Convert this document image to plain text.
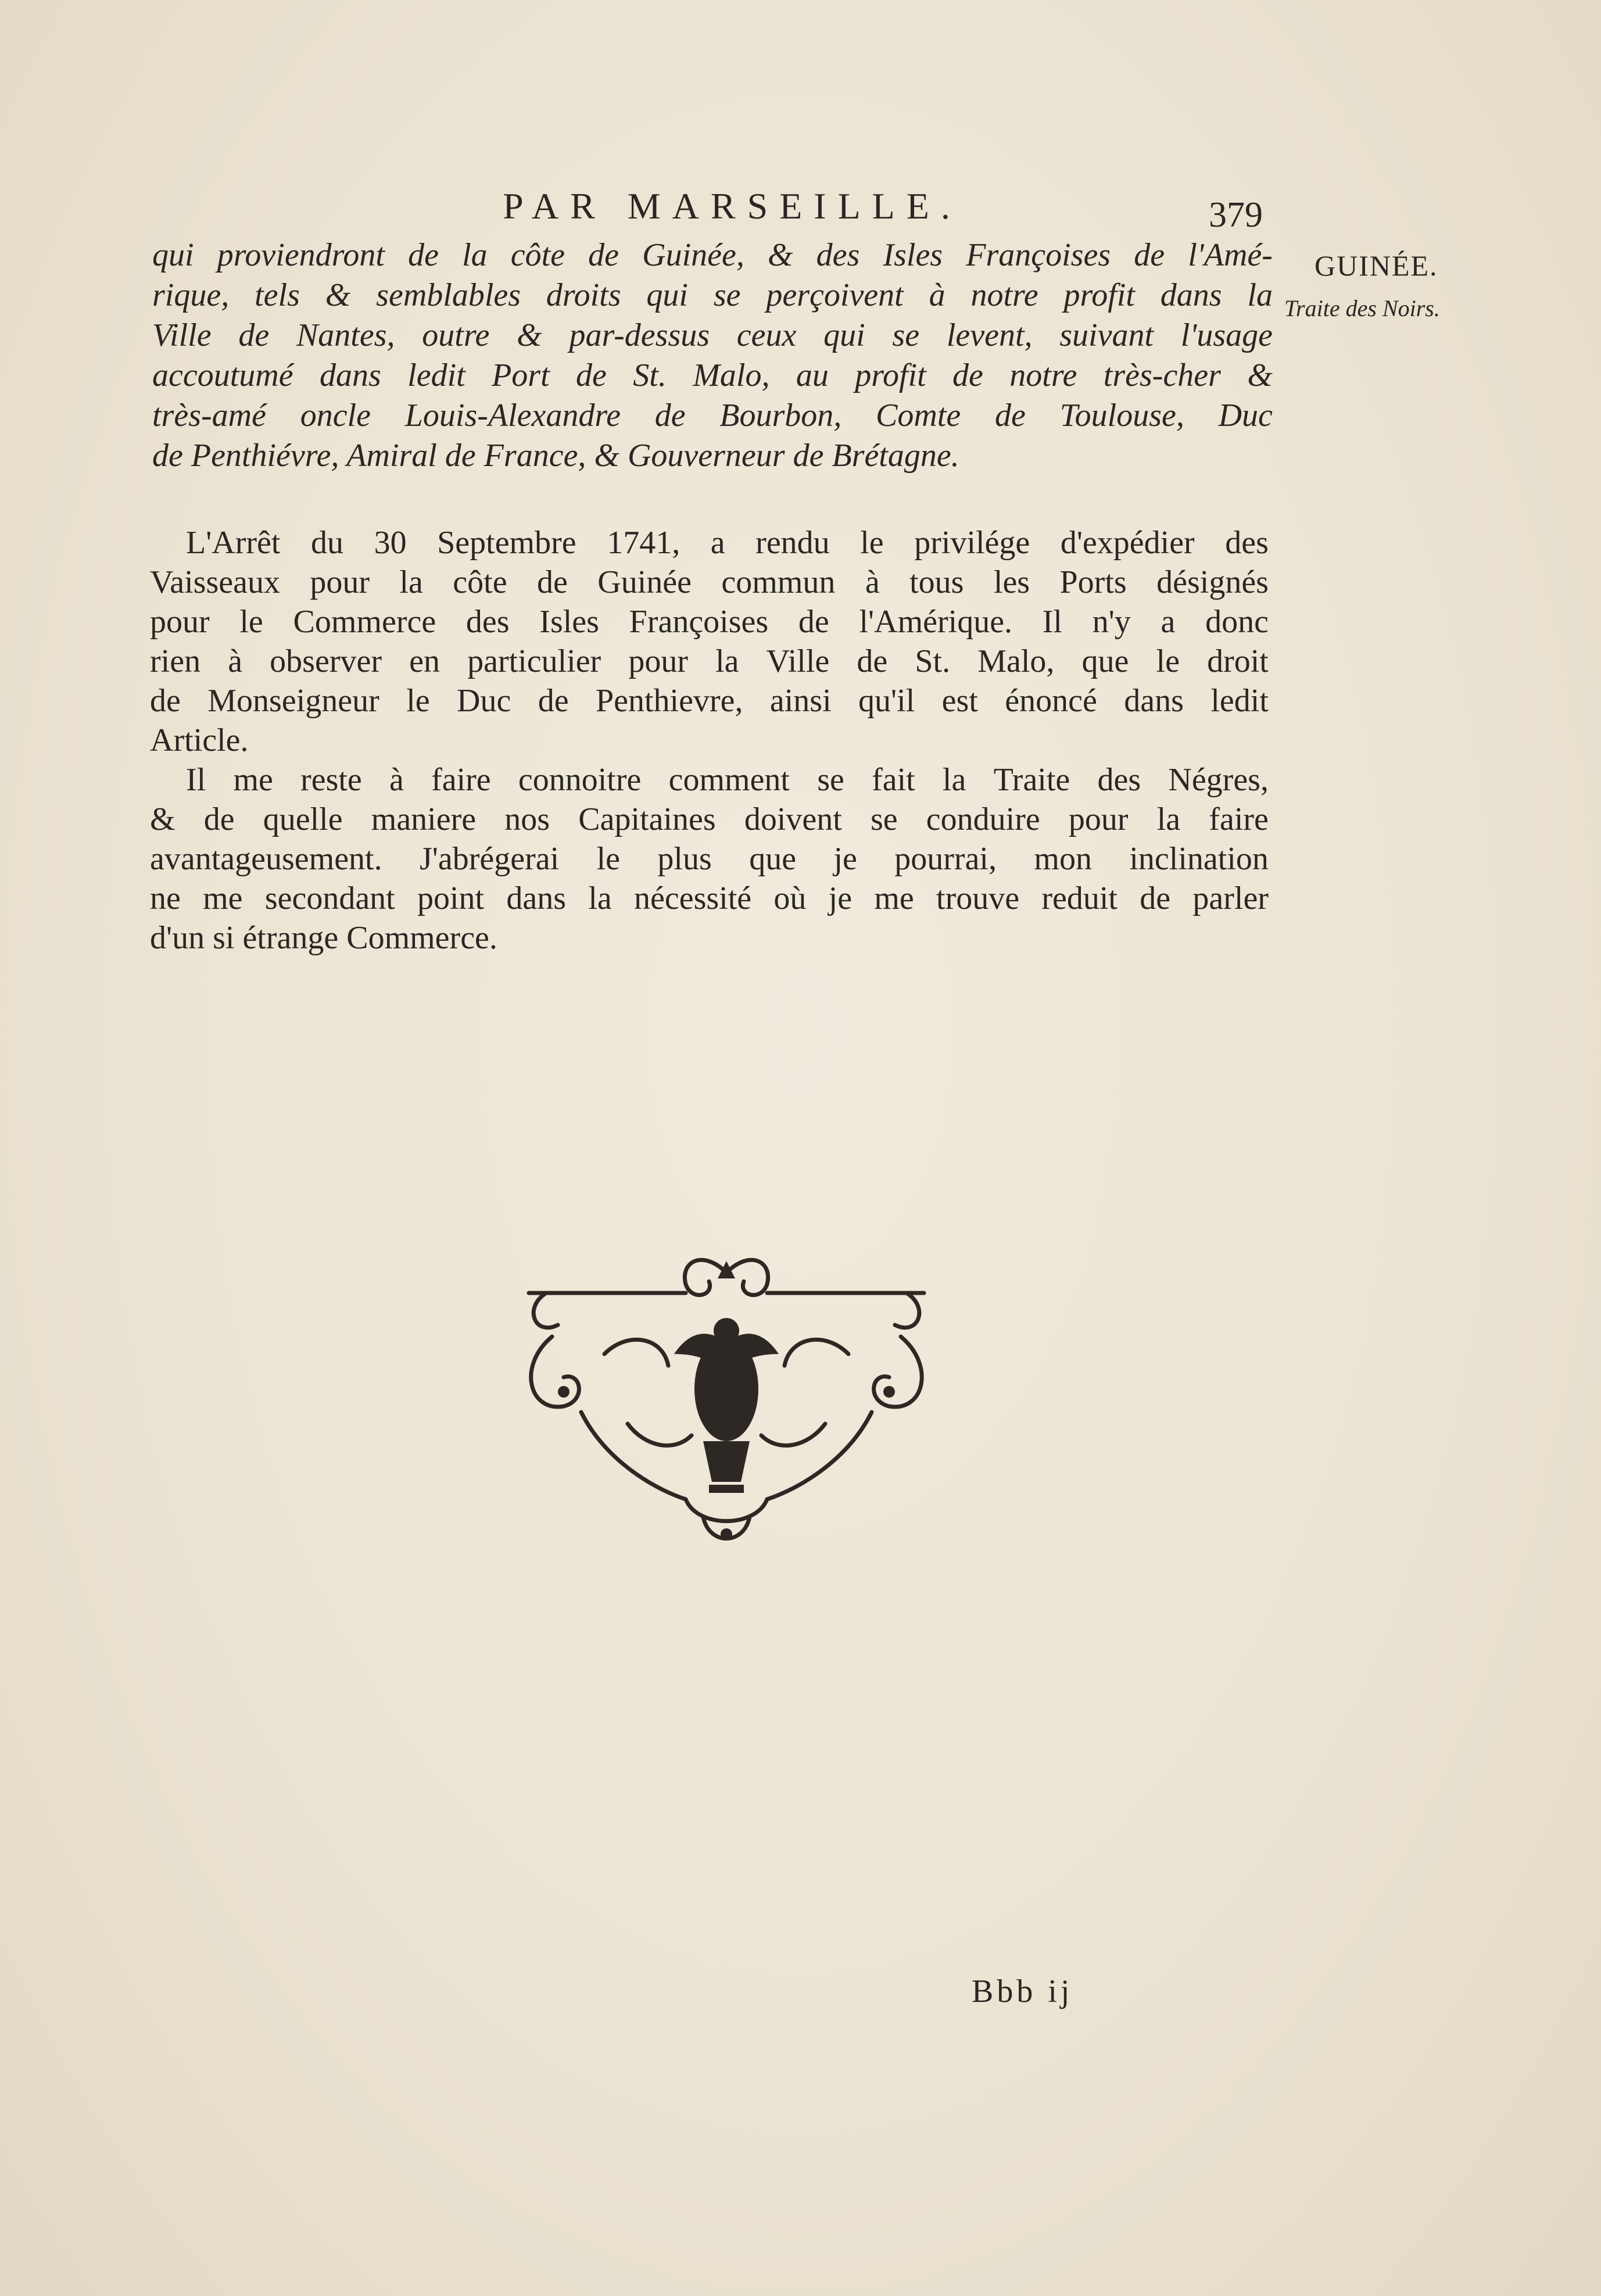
PAR MARSEILLE.	379
qui proviendront de la côte de Guinée, & des Isles Françoises de l'Amé-
rique, tels & semblables droits qui se perçoivent à notre profit dans la
Ville de Nantes, outre & par-dessus ceux qui se levent, suivant l'usage
accoutumé dans ledit Port de St. Malo, au profit de notre très-cher &
très-amé oncle Louis-Alexandre de Bourbon, Comte de Toulouse, Duc
de Penthiévre, Amiral de France, & Gouverneur de Brétagne.
GUINÉE.
Traite des Noirs.
L'Arrêt du 30 Septembre 1741, a rendu le privilége d'expédier des
Vaisseaux pour la côte de Guinée commun à tous les Ports désignés
pour le Commerce des Isles Françoises de l'Amérique. Il n'y a donc
rien à observer en particulier pour la Ville de St. Malo, que le droit
de Monseigneur le Duc de Penthievre, ainsi qu'il est énoncé dans ledit
Article.
Il me reste à faire connoitre comment se fait la Traite des Négres,
& de quelle maniere nos Capitaines doivent se conduire pour la faire
avantageusement. J'abrégerai le plus que je pourrai, mon inclination
ne me secondant point dans la nécessité où je me trouve reduit de parler
d'un si étrange Commerce.
Bbb ij
